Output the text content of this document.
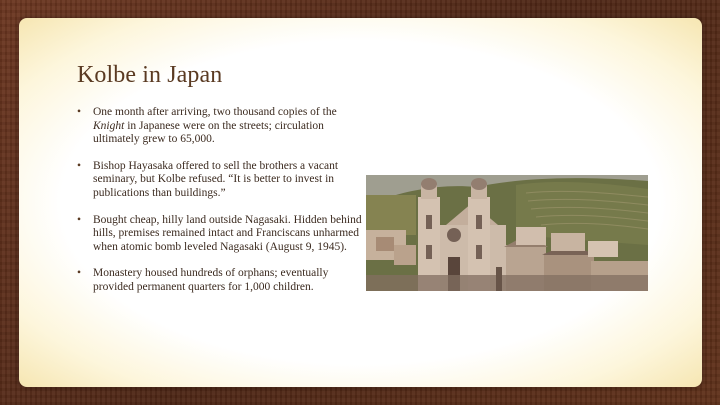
Kolbe in Japan
• One month after arriving, two thousand copies of the Knight in Japanese were on the streets; circulation ultimately grew to 65,000.
• Bishop Hayasaka offered to sell the brothers a vacant seminary, but Kolbe refused. “It is better to invest in publications than buildings.”
• Bought cheap, hilly land outside Nagasaki. Hidden behind hills, premises remained intact and Franciscans unharmed when atomic bomb leveled Nagasaki (August 9, 1945).
• Monastery housed hundreds of orphans; eventually provided permanent quarters for 1,000 children.
